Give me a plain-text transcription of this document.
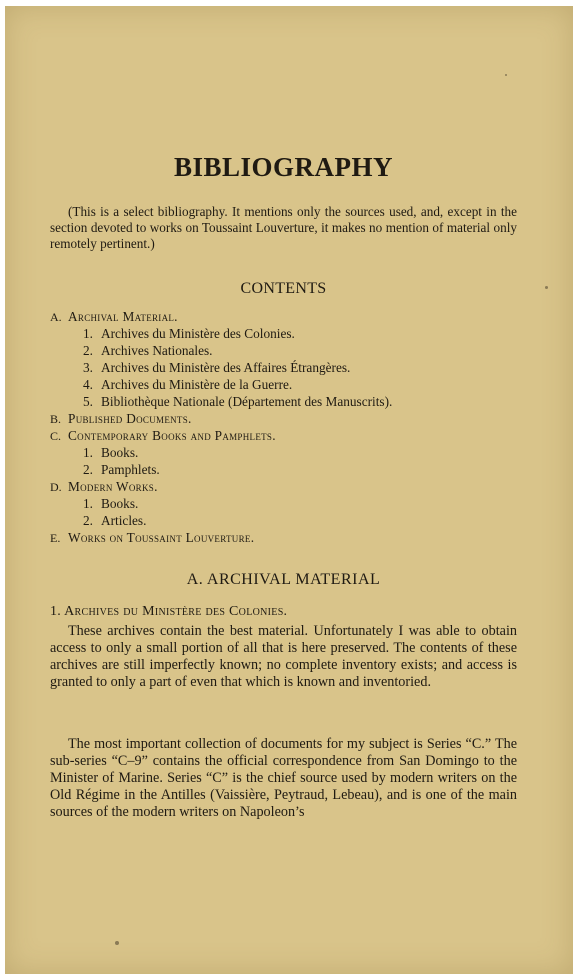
BIBLIOGRAPHY

(This is a select bibliography. It mentions only the sources used, and, except in the section devoted to works on Toussaint Louverture, it makes no mention of material only remotely pertinent.)

CONTENTS
A. Archival Material.
1. Archives du Ministère des Colonies.
2. Archives Nationales.
3. Archives du Ministère des Affaires Étrangères.
4. Archives du Ministère de la Guerre.
5. Bibliothèque Nationale (Département des Manuscrits).
B. Published Documents.
C. Contemporary Books and Pamphlets.
1. Books.
2. Pamphlets.
D. Modern Works.
1. Books.
2. Articles.
E. Works on Toussaint Louverture.
A. ARCHIVAL MATERIAL
1. Archives du Ministère des Colonies.

These archives contain the best material. Unfortunately I was able to obtain access to only a small portion of all that is here preserved. The contents of these archives are still imperfectly known; no complete inventory exists; and access is granted to only a part of even that which is known and inventoried.

The most important collection of documents for my subject is Series “C.” The sub-series “C–9” contains the official correspondence from San Domingo to the Minister of Marine. Series “C” is the chief source used by modern writers on the Old Régime in the Antilles (Vaissière, Peytraud, Lebeau), and is one of the main sources of the modern writers on Napoleon’s
